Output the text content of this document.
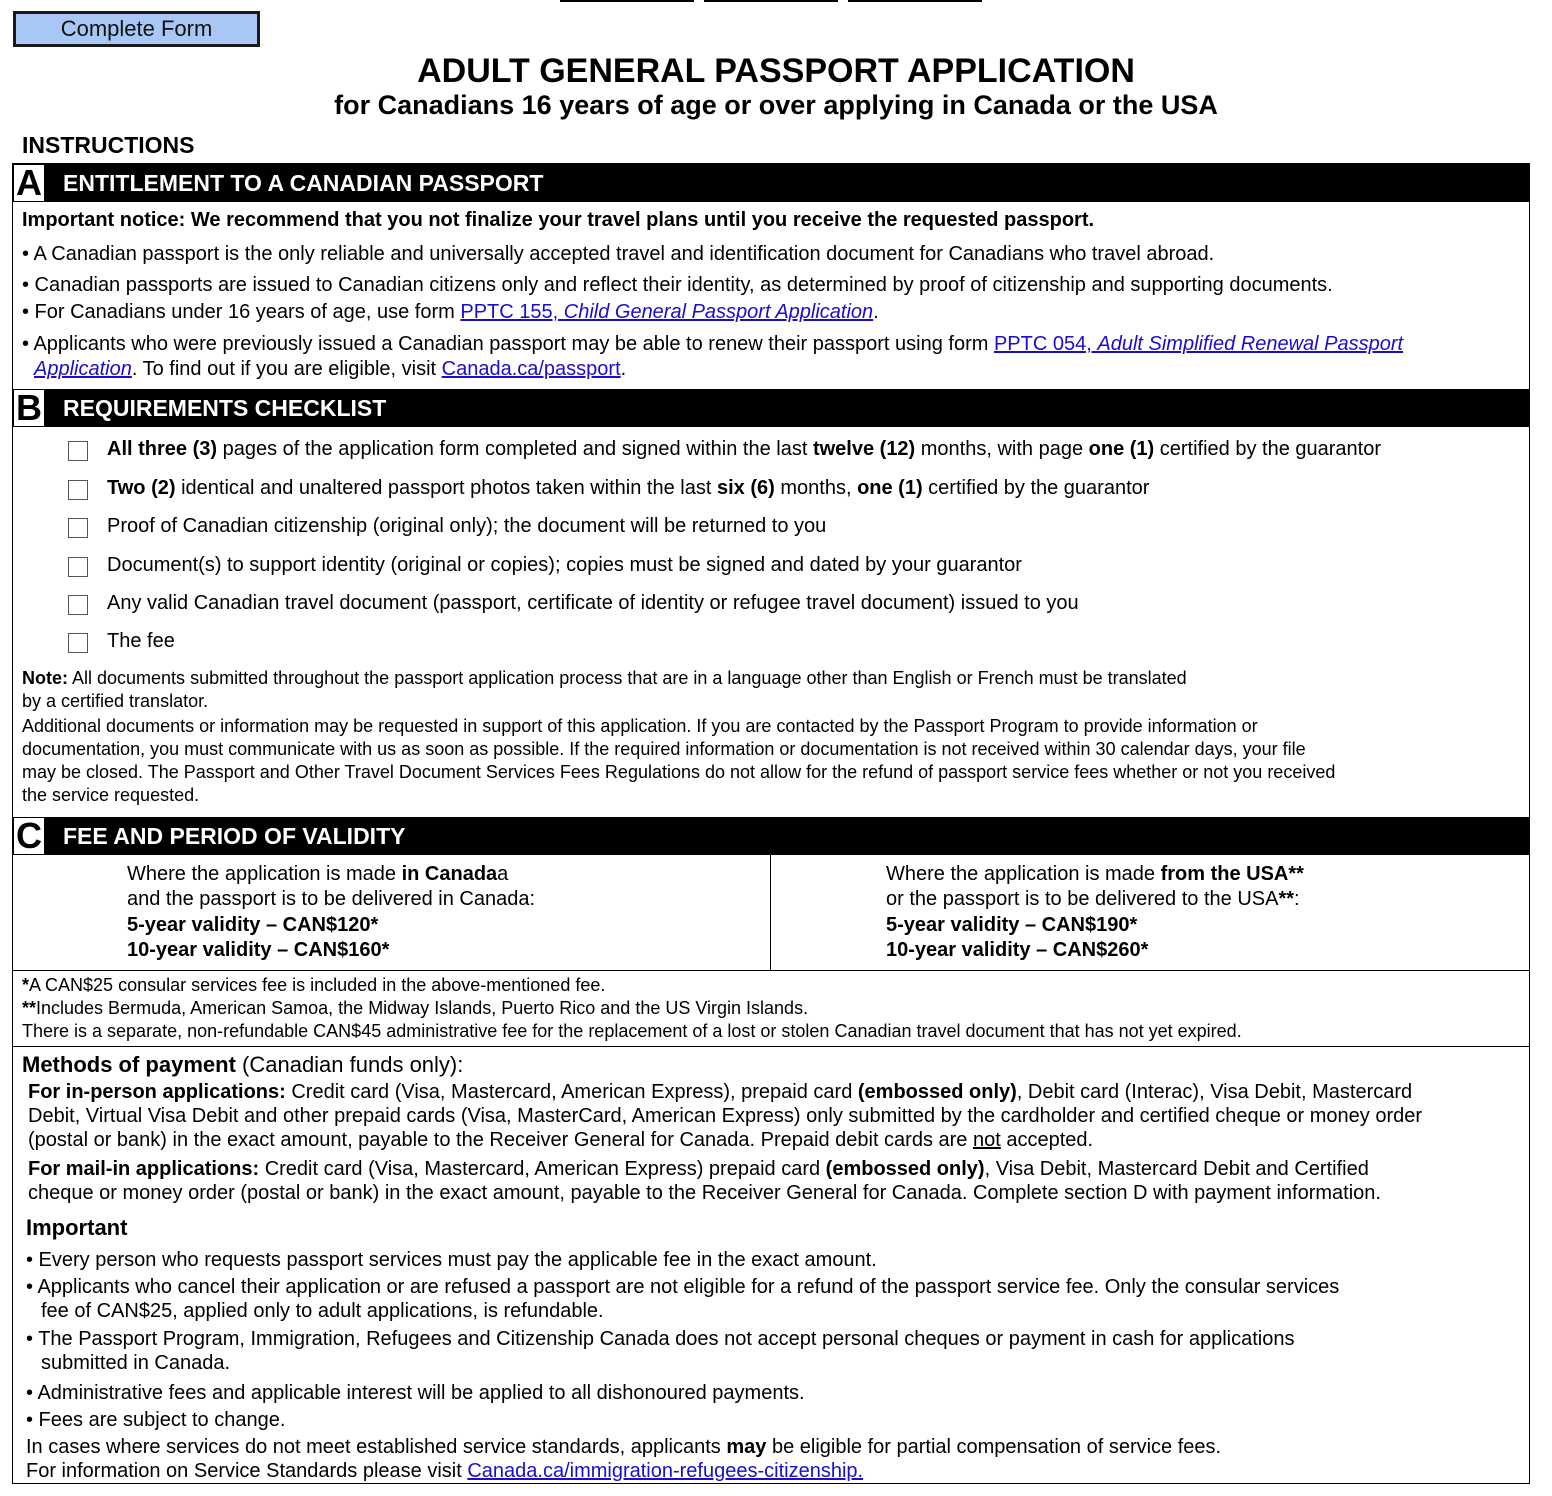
Complete Form
ADULT GENERAL PASSPORT APPLICATION
for Canadians 16 years of age or over applying in Canada or the USA
INSTRUCTIONS
A ENTITLEMENT TO A CANADIAN PASSPORT
Important notice: We recommend that you not finalize your travel plans until you receive the requested passport.
• A Canadian passport is the only reliable and universally accepted travel and identification document for Canadians who travel abroad.
• Canadian passports are issued to Canadian citizens only and reflect their identity, as determined by proof of citizenship and supporting documents.
• For Canadians under 16 years of age, use form PPTC 155, Child General Passport Application.
• Applicants who were previously issued a Canadian passport may be able to renew their passport using form PPTC 054, Adult Simplified Renewal Passport
Application. To find out if you are eligible, visit Canada.ca/passport.
B REQUIREMENTS CHECKLIST
All three (3) pages of the application form completed and signed within the last twelve (12) months, with page one (1) certified by the guarantor
Two (2) identical and unaltered passport photos taken within the last six (6) months, one (1) certified by the guarantor
Proof of Canadian citizenship (original only); the document will be returned to you
Document(s) to support identity (original or copies); copies must be signed and dated by your guarantor
Any valid Canadian travel document (passport, certificate of identity or refugee travel document) issued to you
The fee
Note: All documents submitted throughout the passport application process that are in a language other than English or French must be translated
by a certified translator.
Additional documents or information may be requested in support of this application. If you are contacted by the Passport Program to provide information or
documentation, you must communicate with us as soon as possible. If the required information or documentation is not received within 30 calendar days, your file
may be closed. The Passport and Other Travel Document Services Fees Regulations do not allow for the refund of passport service fees whether or not you received
the service requested.
C FEE AND PERIOD OF VALIDITY
Where the application is made in Canadaa
and the passport is to be delivered in Canada:
5-year validity – CAN$120*
10-year validity – CAN$160*
Where the application is made from the USA**
or the passport is to be delivered to the USA**:
5-year validity – CAN$190*
10-year validity – CAN$260*
*A CAN$25 consular services fee is included in the above-mentioned fee.
**Includes Bermuda, American Samoa, the Midway Islands, Puerto Rico and the US Virgin Islands.
There is a separate, non-refundable CAN$45 administrative fee for the replacement of a lost or stolen Canadian travel document that has not yet expired.
Methods of payment (Canadian funds only):
For in-person applications: Credit card (Visa, Mastercard, American Express), prepaid card (embossed only), Debit card (Interac), Visa Debit, Mastercard
Debit, Virtual Visa Debit and other prepaid cards (Visa, MasterCard, American Express) only submitted by the cardholder and certified cheque or money order
(postal or bank) in the exact amount, payable to the Receiver General for Canada. Prepaid debit cards are not accepted.
For mail-in applications: Credit card (Visa, Mastercard, American Express) prepaid card (embossed only), Visa Debit, Mastercard Debit and Certified
cheque or money order (postal or bank) in the exact amount, payable to the Receiver General for Canada. Complete section D with payment information.
Important
• Every person who requests passport services must pay the applicable fee in the exact amount.
• Applicants who cancel their application or are refused a passport are not eligible for a refund of the passport service fee. Only the consular services
fee of CAN$25, applied only to adult applications, is refundable.
• The Passport Program, Immigration, Refugees and Citizenship Canada does not accept personal cheques or payment in cash for applications
submitted in Canada.
• Administrative fees and applicable interest will be applied to all dishonoured payments.
• Fees are subject to change.
In cases where services do not meet established service standards, applicants may be eligible for partial compensation of service fees.
For information on Service Standards please visit Canada.ca/immigration-refugees-citizenship.
